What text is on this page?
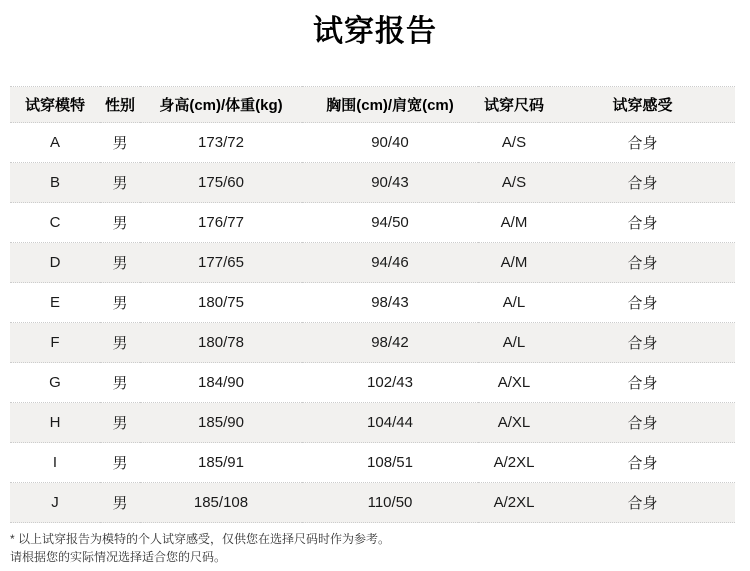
试穿报告
试穿模特	性别	身高(cm)/体重(kg)	胸围(cm)/肩宽(cm)	试穿尺码	试穿感受
A	男	173/72	90/40	A/S	合身
B	男	175/60	90/43	A/S	合身
C	男	176/77	94/50	A/M	合身
D	男	177/65	94/46	A/M	合身
E	男	180/75	98/43	A/L	合身
F	男	180/78	98/42	A/L	合身
G	男	184/90	102/43	A/XL	合身
H	男	185/90	104/44	A/XL	合身
I	男	185/91	108/51	A/2XL	合身
J	男	185/108	110/50	A/2XL	合身

* 以上试穿报告为模特的个人试穿感受，仅供您在选择尺码时作为参考。

请根据您的实际情况选择适合您的尺码。
